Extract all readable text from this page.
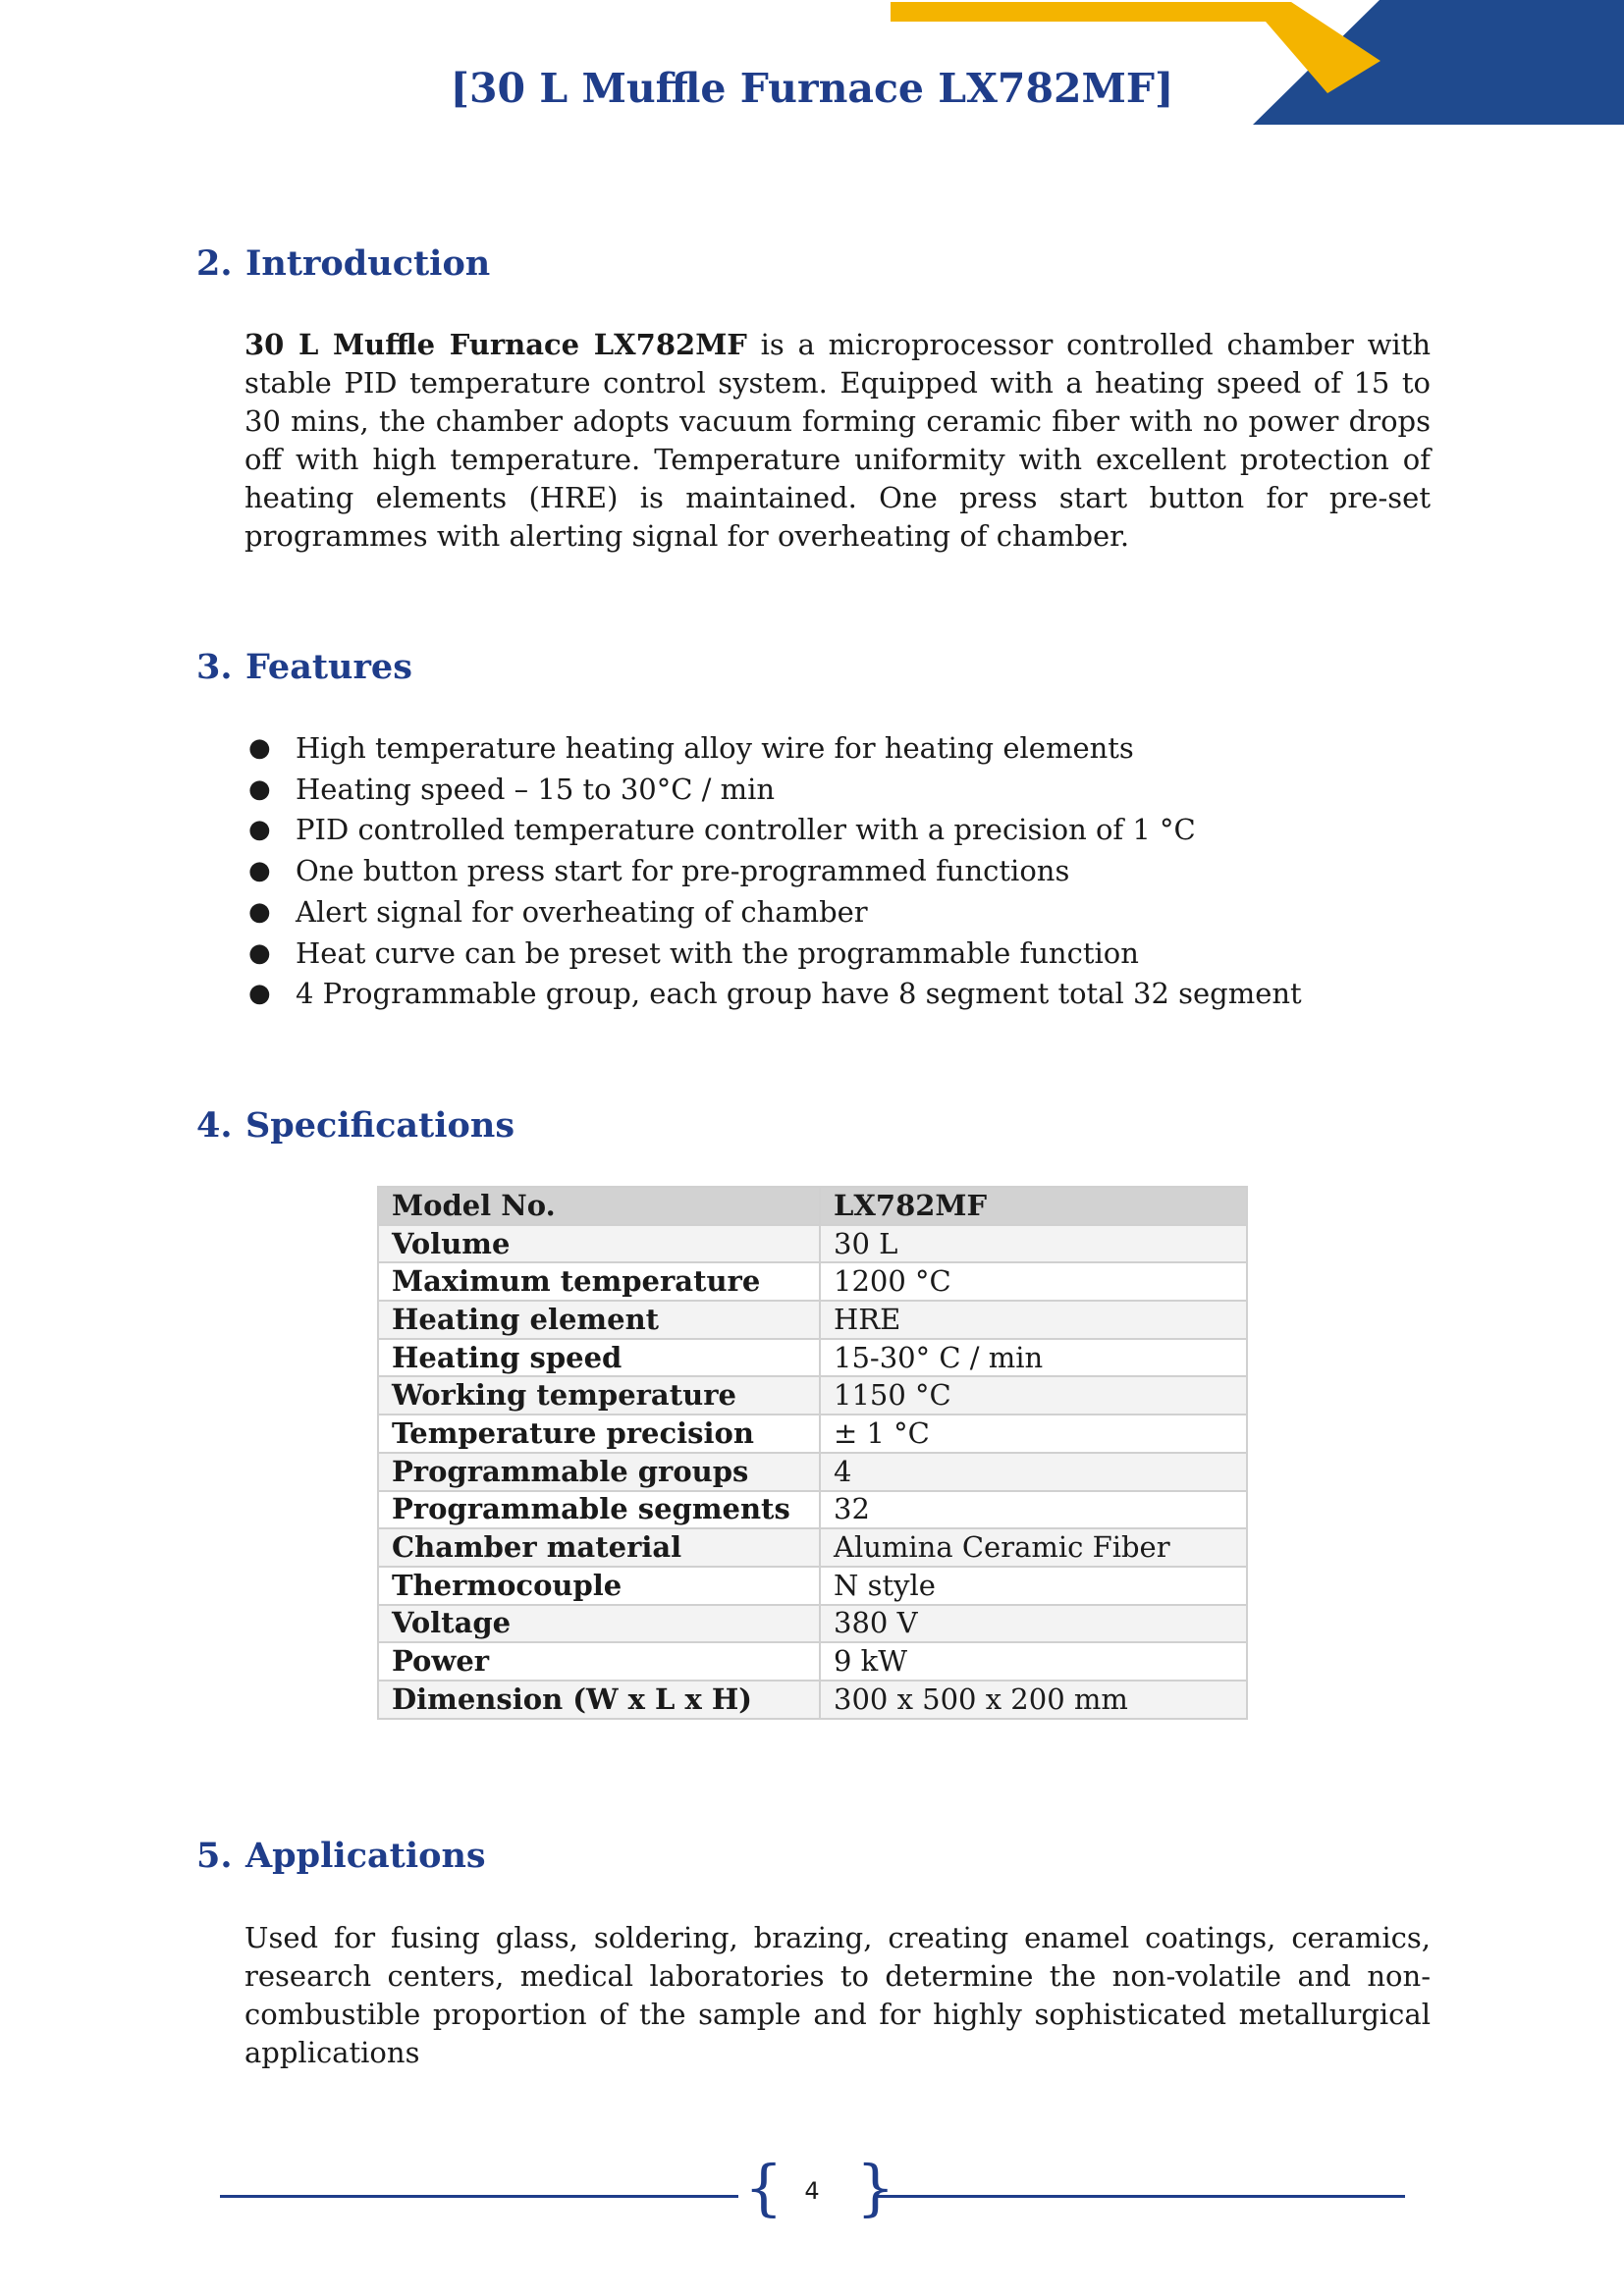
[30 L Muffle Furnace LX782MF]
2. Introduction

30 L Muffle Furnace LX782MF is a microprocessor controlled chamber with stable PID temperature control system. Equipped with a heating speed of 15 to 30 mins, the chamber adopts vacuum forming ceramic fiber with no power drops off with high temperature. Temperature uniformity with excellent protection of heating elements (HRE) is maintained. One press start button for pre-set programmes with alerting signal for overheating of chamber.

3. Features
● High temperature heating alloy wire for heating elements
● Heating speed – 15 to 30°C / min
● PID controlled temperature controller with a precision of 1 °C
● One button press start for pre-programmed functions
● Alert signal for overheating of chamber
● Heat curve can be preset with the programmable function
● 4 Programmable group, each group have 8 segment total 32 segment
4. Specifications
Model No.	LX782MF
Volume	30 L
Maximum temperature	1200 °C
Heating element	HRE
Heating speed	15-30° C / min
Working temperature	1150 °C
Temperature precision	± 1 °C
Programmable groups	4
Programmable segments	32
Chamber material	Alumina Ceramic Fiber
Thermocouple	N style
Voltage	380 V
Power	9 kW
Dimension (W x L x H)	300 x 500 x 200 mm
5. Applications

Used for fusing glass, soldering, brazing, creating enamel coatings, ceramics, research centers, medical laboratories to determine the non-volatile and non-combustible proportion of the sample and for highly sophisticated metallurgical applications

{ }
4
